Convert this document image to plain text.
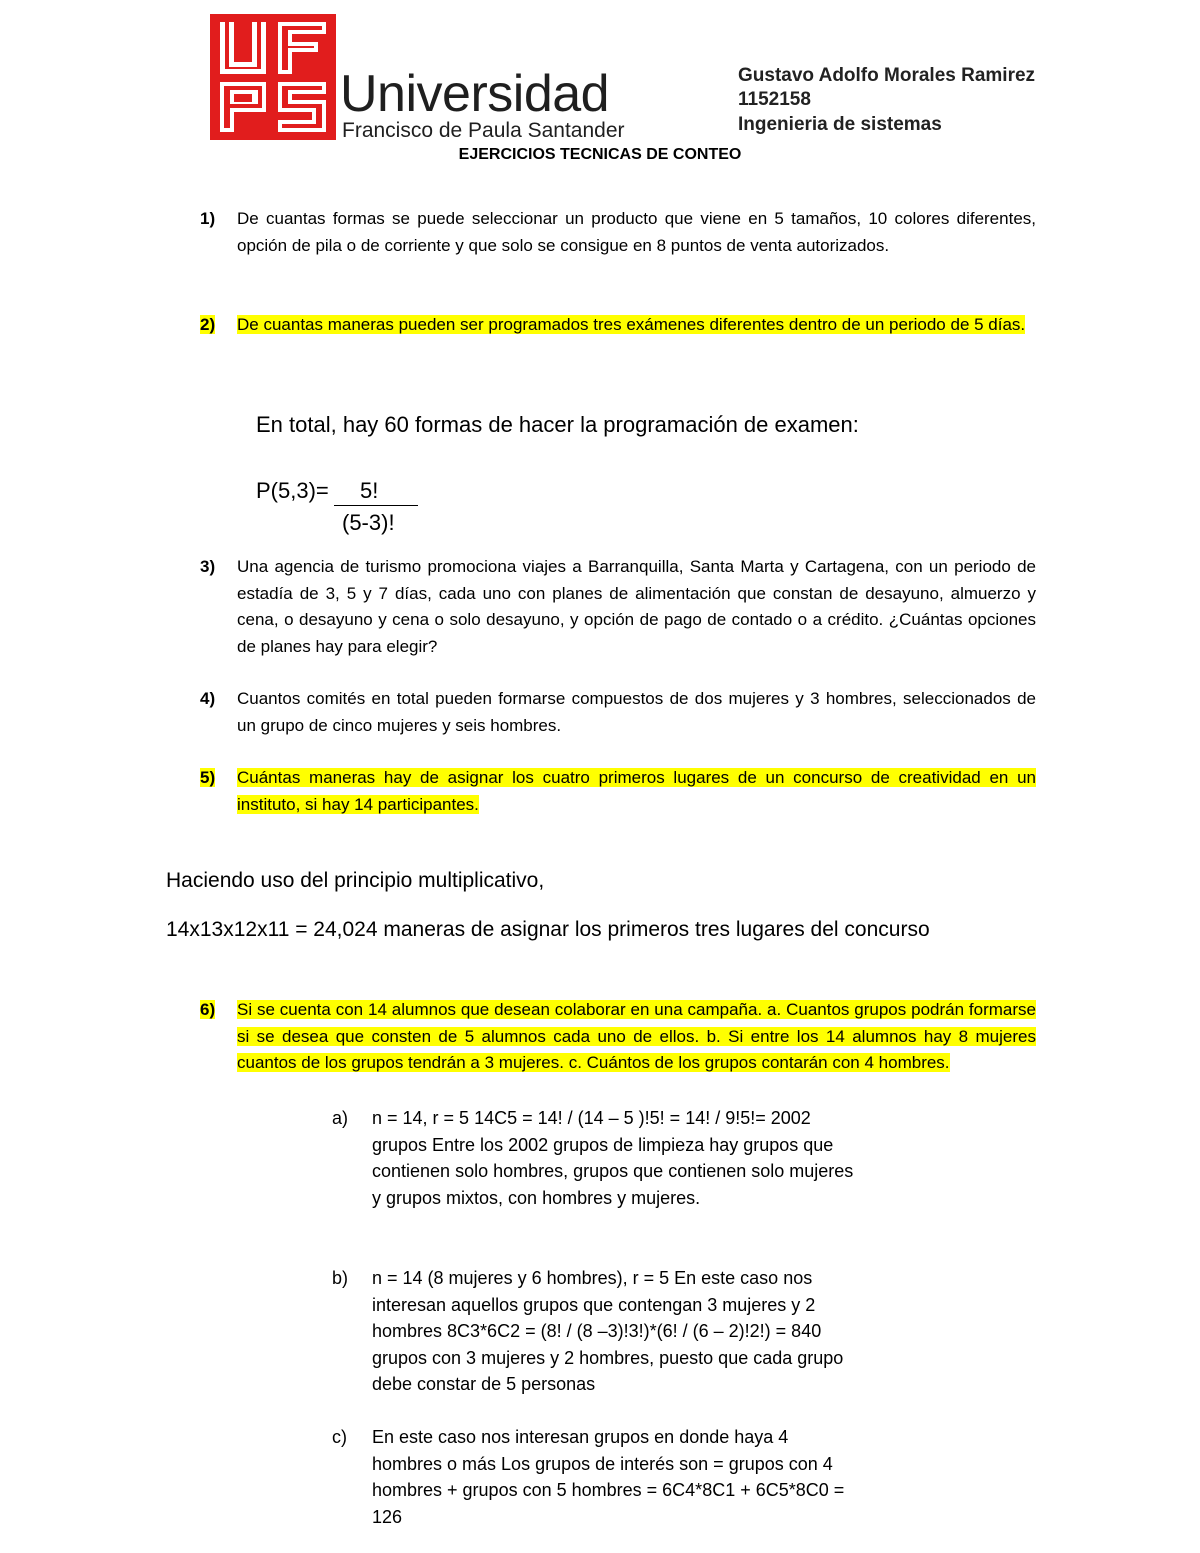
Universidad
Francisco de Paula Santander
Gustavo Adolfo Morales Ramirez
1152158
Ingenieria de sistemas
EJERCICIOS TECNICAS DE CONTEO
1) De cuantas formas se puede seleccionar un producto que viene en 5 tamaños, 10 colores diferentes, opción de pila o de corriente y que solo se consigue en 8 puntos de venta autorizados.
2) De cuantas maneras pueden ser programados tres exámenes diferentes dentro de un periodo de 5 días.
En total, hay 60 formas de hacer la programación de examen:
P(5,3)= 5!
(5-3)!
3) Una agencia de turismo promociona viajes a Barranquilla, Santa Marta y Cartagena, con un periodo de estadía de 3, 5 y 7 días, cada uno con planes de alimentación que constan de desayuno, almuerzo y cena, o desayuno y cena o solo desayuno, y opción de pago de contado o a crédito. ¿Cuántas opciones de planes hay para elegir?
4) Cuantos comités en total pueden formarse compuestos de dos mujeres y 3 hombres, seleccionados de un grupo de cinco mujeres y seis hombres.
5) Cuántas maneras hay de asignar los cuatro primeros lugares de un concurso de creatividad en un instituto, si hay 14 participantes.
Haciendo uso del principio multiplicativo,
14x13x12x11 = 24,024 maneras de asignar los primeros tres lugares del concurso
6) Si se cuenta con 14 alumnos que desean colaborar en una campaña. a. Cuantos grupos podrán formarse si se desea que consten de 5 alumnos cada uno de ellos. b. Si entre los 14 alumnos hay 8 mujeres cuantos de los grupos tendrán a 3 mujeres. c. Cuántos de los grupos contarán con 4 hombres.
a) n = 14, r = 5 14C5 = 14! / (14 – 5 )!5! = 14! / 9!5!= 2002 grupos Entre los 2002 grupos de limpieza hay grupos que contienen solo hombres, grupos que contienen solo mujeres y grupos mixtos, con hombres y mujeres.
b) n = 14 (8 mujeres y 6 hombres), r = 5 En este caso nos interesan aquellos grupos que contengan 3 mujeres y 2 hombres 8C3*6C2 = (8! / (8 –3)!3!)*(6! / (6 – 2)!2!) = 840 grupos con 3 mujeres y 2 hombres, puesto que cada grupo debe constar de 5 personas
c) En este caso nos interesan grupos en donde haya 4 hombres o más Los grupos de interés son = grupos con 4 hombres + grupos con 5 hombres = 6C4*8C1 + 6C5*8C0 = 126
